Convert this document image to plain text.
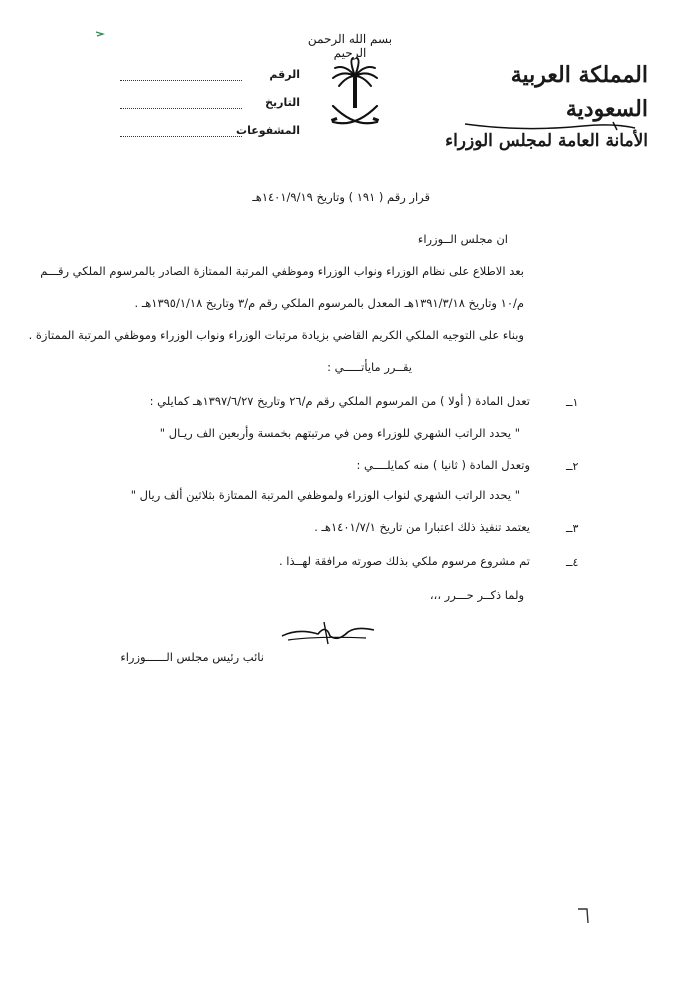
بسم الله الرحمن الرحيم
المملكة العربية السعودية
الأمانة العامة لمجلس الوزراء
الرقم
التاريخ
المشفوعات
قرار رقم ( ١٩١ ) وتاريخ ١٤٠١/٩/١٩هـ
ان مجلس الــوزراء
بعد الاطلاع على نظام الوزراء ونواب الوزراء وموظفي المرتبة الممتازة الصادر بالمرسوم الملكي رقـــم
م/١٠ وتاريخ ١٣٩١/٣/١٨هـ المعدل بالمرسوم الملكي رقم م/٣ وتاريخ ١٣٩٥/١/١٨هـ .
وبناء على التوجيه الملكي الكريم القاضي بزيادة مرتبات الوزراء ونواب الوزراء وموظفي المرتبة الممتازة .
يقــرر مايأتـــــي :
١ــ
تعدل المادة ( أولا ) من المرسوم الملكي رقم م/٢٦ وتاريخ ١٣٩٧/٦/٢٧هـ كمايلي :
" يحدد الراتب الشهري للوزراء ومن في مرتبتهم بخمسة وأربعين الف ريـال "
٢ــ
وتعدل المادة ( ثانيا ) منه كمايلــــي :
" يحدد الراتب الشهري لنواب الوزراء ولموظفي المرتبة الممتازة بثلاثين ألف ريال "
٣ــ
يعتمد تنفيذ ذلك اعتبارا من تاريخ ١٤٠١/٧/١هـ .
٤ــ
تم مشروع مرسوم ملكي بذلك صورته مرافقة لهــذا .
ولما ذكــر حـــرر ،،،
نائب رئيس مجلس الــــــوزراء
